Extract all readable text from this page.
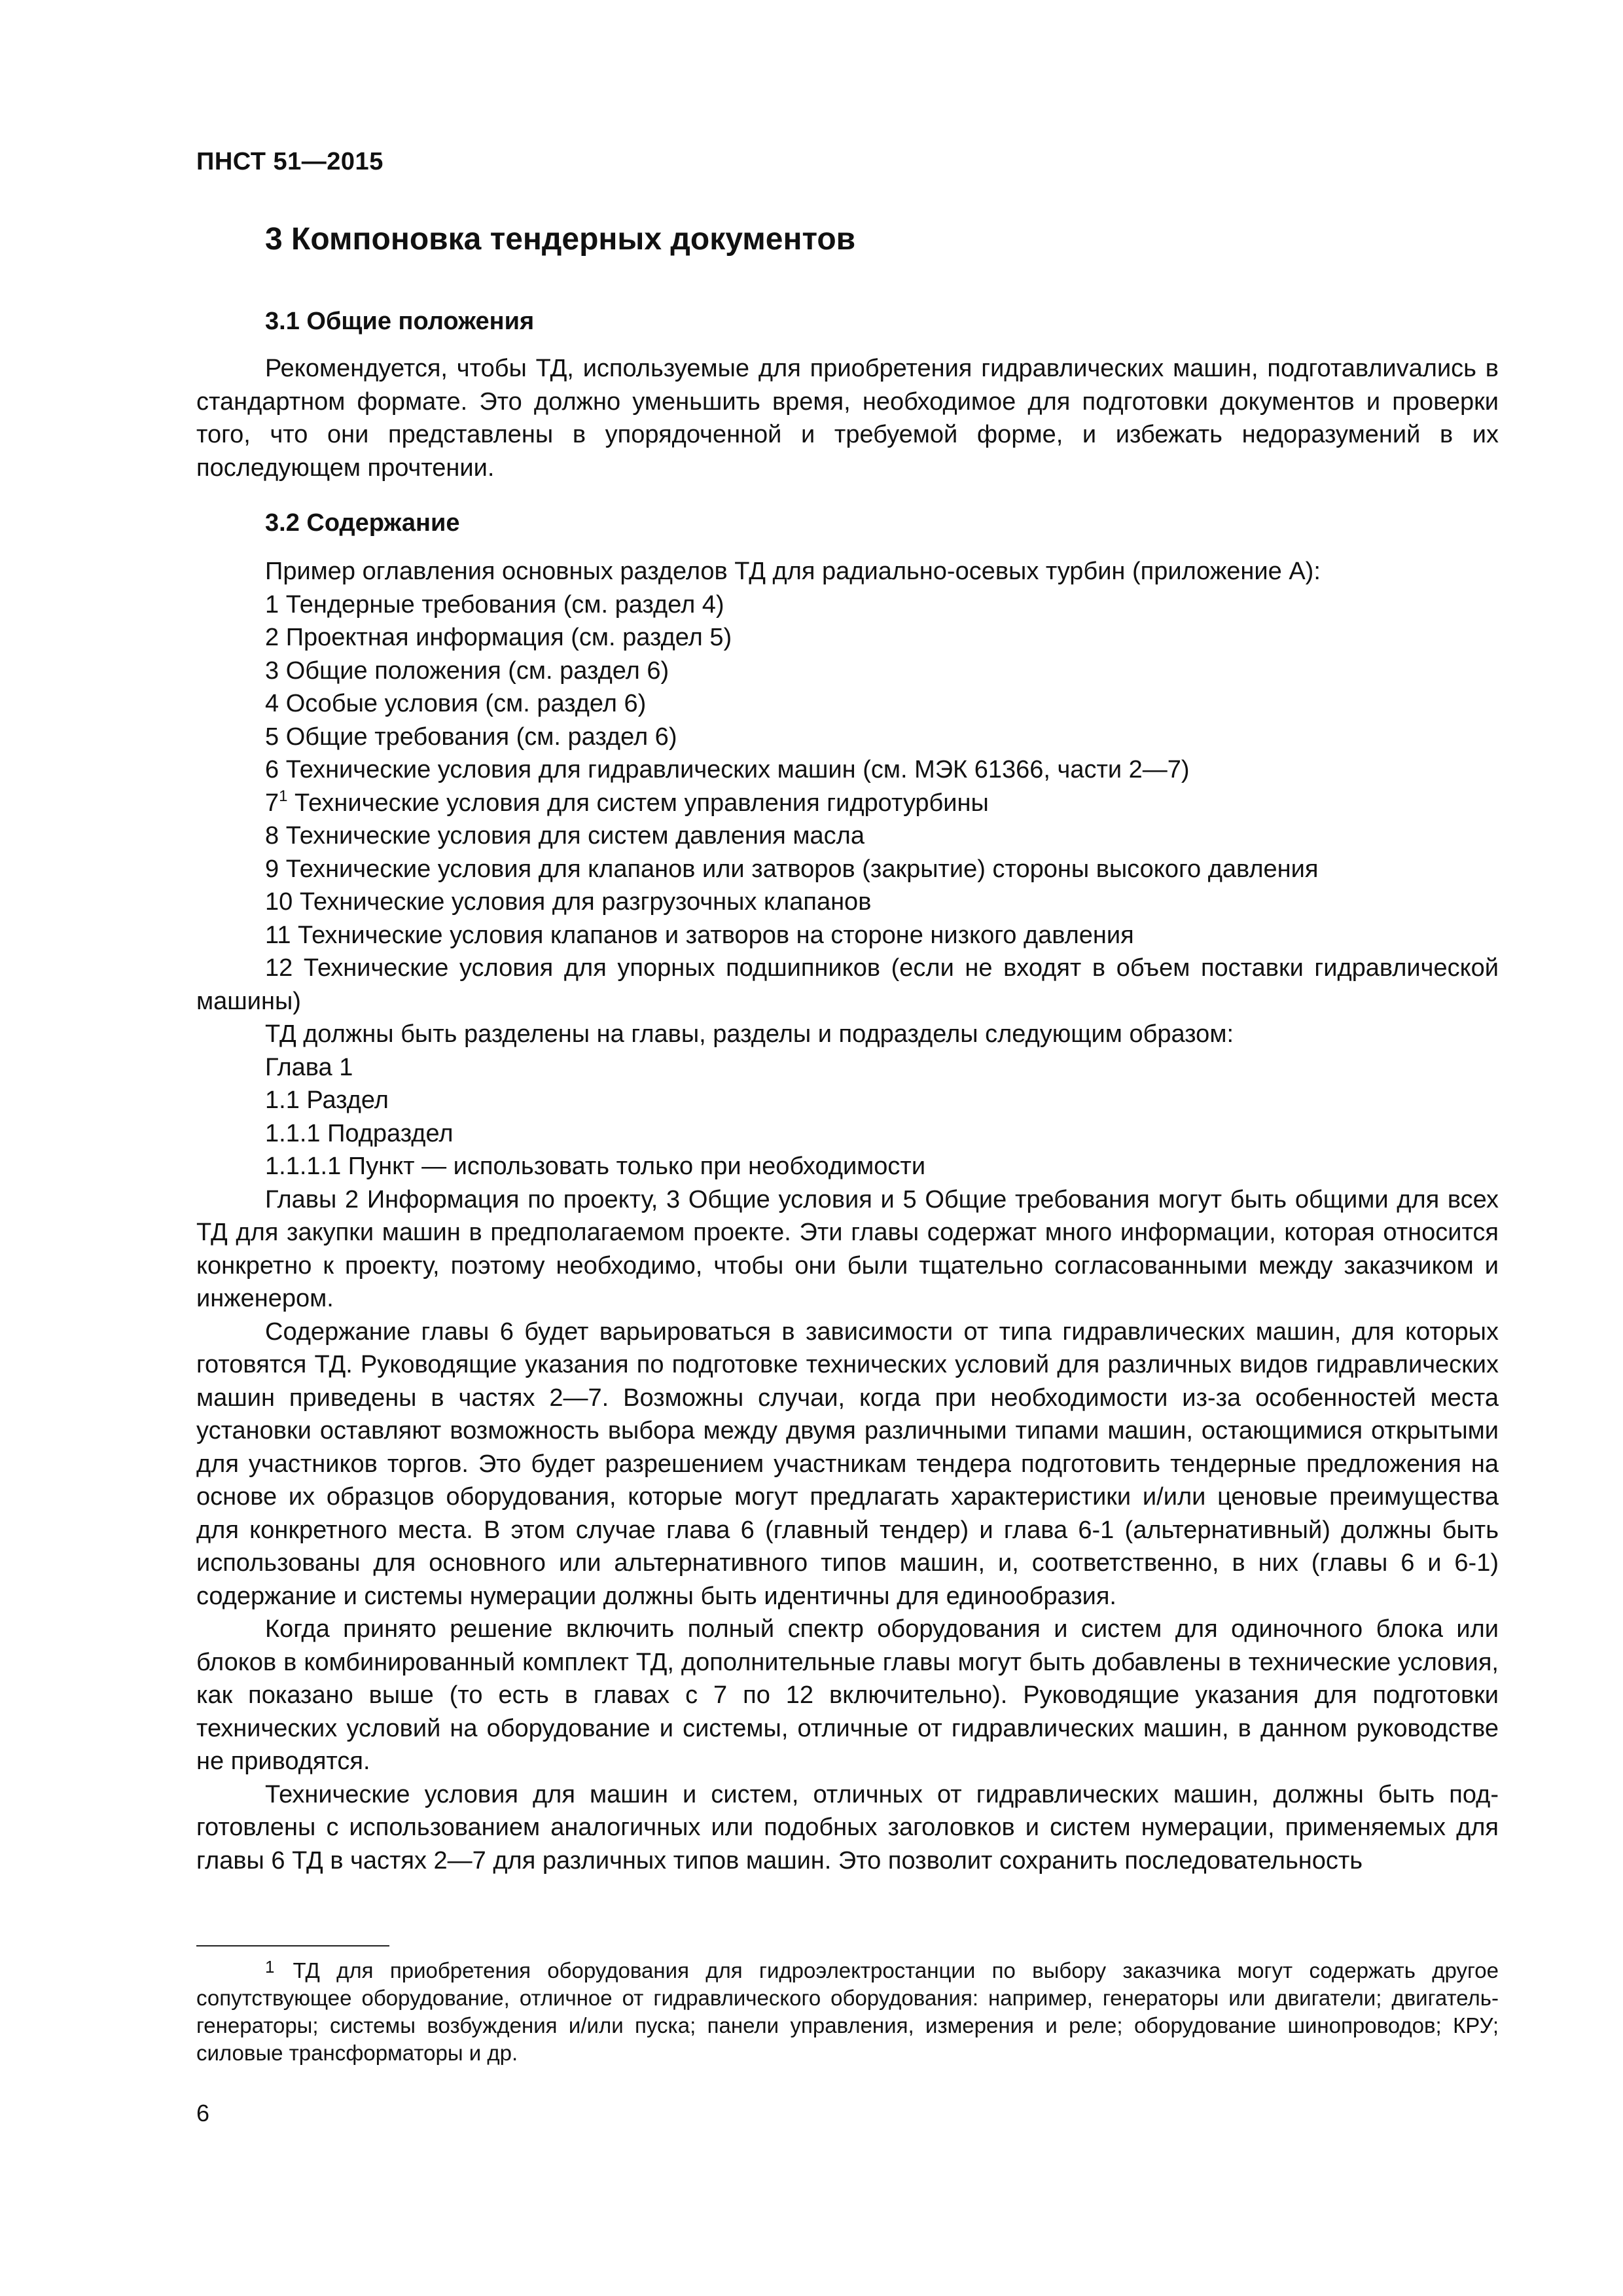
ПНСТ 51—2015
3 Компоновка тендерных документов
3.1 Общие положения

Рекомендуется, чтобы ТД, используемые для приобретения гидравлических машин, подготавлиvались в стандартном формате. Это должно уменьшить время, необходимое для подготовки документов и проверки того, что они представлены в упорядоченной и требуемой форме, и избежать недоразумений в их последующем прочтении.

3.2 Содержание

Пример оглавления основных разделов ТД для радиально-осевых турбин (приложение А):

1 Тендерные требования (см. раздел 4)

2 Проектная информация (см. раздел 5)

3 Общие положения (см. раздел 6)

4 Особые условия (см. раздел 6)

5 Общие требования (см. раздел 6)

6 Технические условия для гидравлических машин (см. МЭК 61366, части 2—7)

$7^1$ Технические условия для систем управления гидротурбины

8 Технические условия для систем давления масла

9 Технические условия для клапанов или затворов (закрытие) стороны высокого давления

10 Технические условия для разгрузочных клапанов

11 Технические условия клапанов и затворов на стороне низкого давления

12 Технические условия для упорных подшипников (если не входят в объем поставки гидравлической машины)

ТД должны быть разделены на главы, разделы и подразделы следующим образом:

Глава 1

1.1 Раздел

1.1.1 Подраздел

1.1.1.1 Пункт — использовать только при необходимости

Главы 2 Информация по проекту, 3 Общие условия и 5 Общие требования могут быть общими для всех ТД для закупки машин в предполагаемом проекте. Эти главы содержат много информации, которая относится конкретно к проекту, поэтому необходимо, чтобы они были тщательно согласованными между заказчиком и инженером.

Содержание главы 6 будет варьироваться в зависимости от типа гидравлических машин, для которых готовятся ТД. Руководящие указания по подготовке технических условий для различных видов гидравлических машин приведены в частях 2—7. Возможны случаи, когда при необходимости из-за особенностей места установки оставляют возможность выбора между двумя различными типами машин, остающимися открытыми для участников торгов. Это будет разрешением участникам тендера подготовить тендерные предложения на основе их образцов оборудования, которые могут предлагать характеристики и/или ценовые преимущества для конкретного места. В этом случае глава 6 (главный тендер) и глава 6-1 (альтернативный) должны быть использованы для основного или альтернативного типов машин, и, соответственно, в них (главы 6 и 6-1) содержание и системы нумерации должны быть идентичны для единообразия.

Когда принято решение включить полный спектр оборудования и систем для одиночного блока или блоков в комбинированный комплект ТД, дополнительные главы могут быть добавлены в технические условия, как показано выше (то есть в главах с 7 по 12 включительно). Руководящие указания для подготовки технических условий на оборудование и системы, отличные от гидравлических машин, в данном руководстве не приводятся.

Технические условия для машин и систем, отличных от гидравлических машин, должны быть подготовлены с использованием аналогичных или подобных заголовков и систем нумерации, применяемых для главы 6 ТД в частях 2—7 для различных типов машин. Это позволит сохранить последовательность

$^1$ ТД для приобретения оборудования для гидроэлектростанции по выбору заказчика могут содержать другое сопутствующее оборудование, отличное от гидравлического оборудования: например, генераторы или двигатели; двигатель-генераторы; системы возбуждения и/или пуска; панели управления, измерения и реле; оборудование шинопроводов; КРУ; силовые трансформаторы и др.

6
